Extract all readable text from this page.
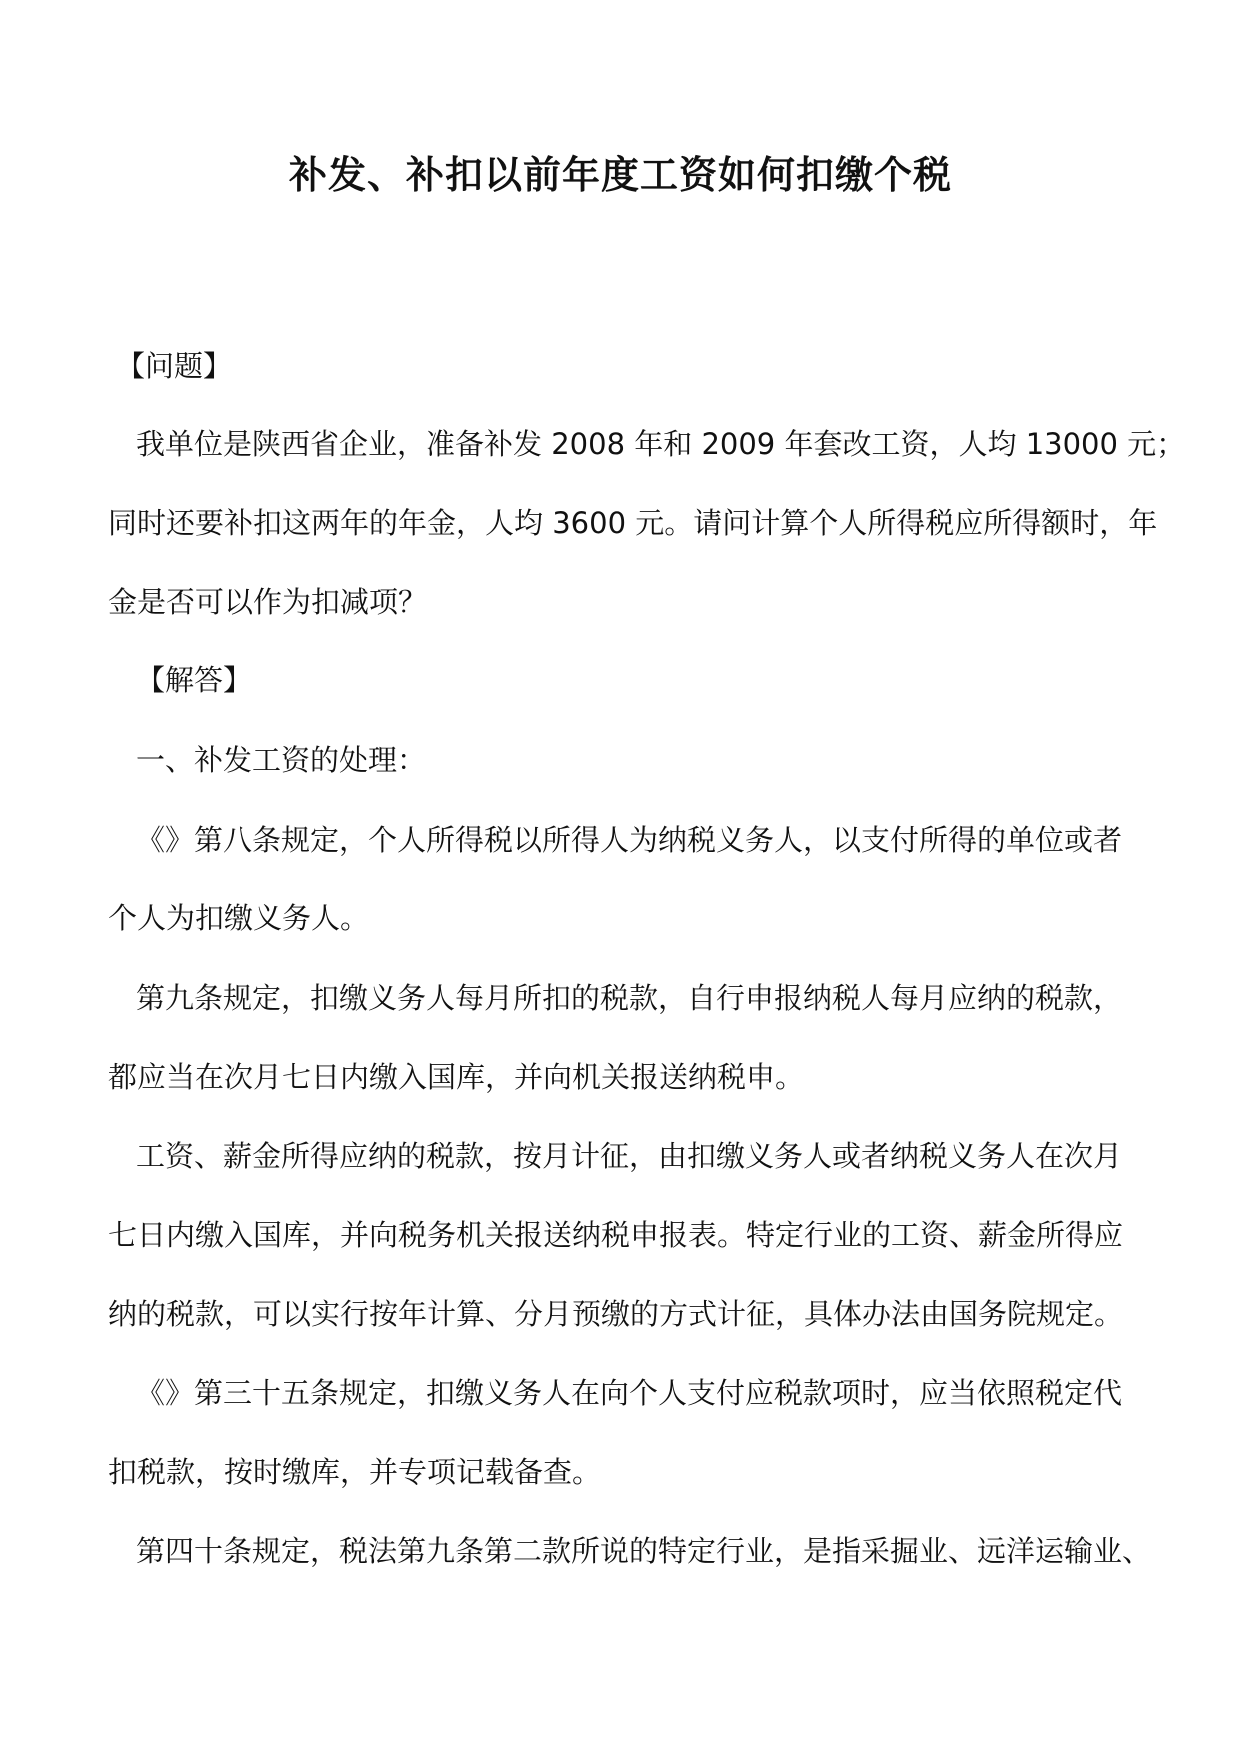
补发、补扣以前年度工资如何扣缴个税
【问题】
我单位是陕西省企业，准备补发 2008 年和 2009 年套改工资，人均 13000 元；
同时还要补扣这两年的年金，人均 3600 元。请问计算个人所得税应所得额时，年
金是否可以作为扣减项？
【解答】
一、补发工资的处理：
《》第八条规定，个人所得税以所得人为纳税义务人，以支付所得的单位或者
个人为扣缴义务人。
第九条规定，扣缴义务人每月所扣的税款，自行申报纳税人每月应纳的税款，
都应当在次月七日内缴入国库，并向机关报送纳税申。
工资、薪金所得应纳的税款，按月计征，由扣缴义务人或者纳税义务人在次月
七日内缴入国库，并向税务机关报送纳税申报表。特定行业的工资、薪金所得应
纳的税款，可以实行按年计算、分月预缴的方式计征，具体办法由国务院规定。
《》第三十五条规定，扣缴义务人在向个人支付应税款项时，应当依照税定代
扣税款，按时缴库，并专项记载备查。
第四十条规定，税法第九条第二款所说的特定行业，是指采掘业、远洋运输业、
